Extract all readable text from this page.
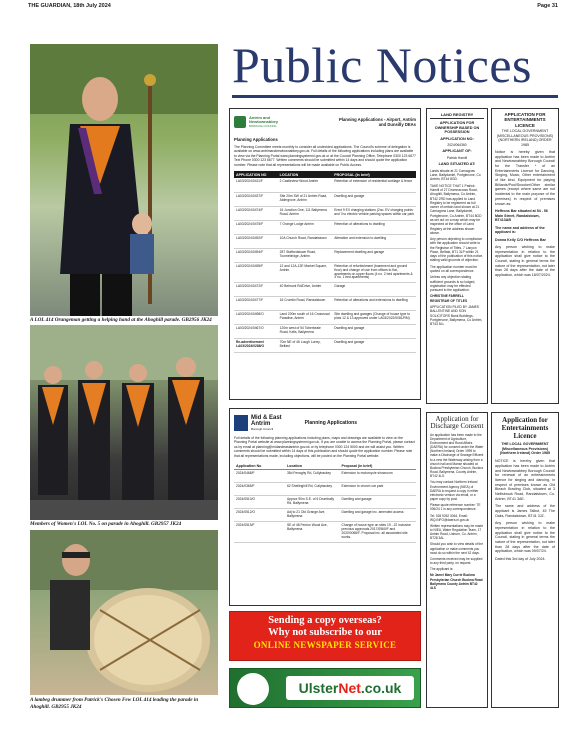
THE GUARDIAN, 18th July 2024	Page 31
A LOL 414 Orangeman getting a helping hand at the Ahoghill parade. GB2956 JK24
Members of Women's LOL No. 5 on parade in Ahoghill. GB2957 JK24
A lambeg drummer from Patrick's Chosen Few LOL 414 leading the parade in Ahoghill. GB2955 JK24
Public Notices
Antrim and
Newtownabbey
BOROUGH COUNCIL
Planning Applications - Airport, Antrim and Dunsilly DEAs
Planning Applications
The Planning Committee meets monthly to consider all undecided applications. The Council's scheme of delegation is available on www.antrimandnewtownabbey.gov.uk. Full details of the following applications including plans are available to view via the Planning Portal www.planningsystemni.gov.uk or at the Council Planning Office, Telephone 0300 123 6677 Text Phone 0300 123 6677. Written comments should be submitted within 14 days and should quote the application number. Please note that all representations will be made available on Public Access.
APPLICATION NO	LOCATION	PROPOSAL (In brief)
LA03/2024/0411/F	2 Castleview Wood Antrim	Retention of extension of residential curtilage & fence
LA03/2024/0437/F	Site 20m SW of 21 Antrim Road, Aldergrove, Antrim	Dwelling and garage
LA03/2024/0474/F	16 Junction One, 111 Ballymena Road, Antrim	Erect 9 EV charging stations (2no. EV charging points and 7no electric vehicle parking spaces within car park
LA03/2024/0475/F	7 Orange Lodge Antrim	Retention of alterations to dwelling
LA03/2024/0492/F	10A Church Road, Randalstown	Alteration and extension to dwelling
LA03/2024/0494/F	287 Staffordstown Road, Toomebridge, Antrim	Replacement dwelling and garage
LA03/2024/0495/F	12 and 12A-12E Market Square, Antrim	Retention of refurbishment (basement and ground floor) and change of use from offices to flat, apartments on upper floors (4 no. 2 bed apartments & 3 no. 1 bed apartments)
LA03/2024/0472/F	40 Belmont Rd/Drive, Antrim	Garage
LA03/2024/0477/F	16 Crumlin Road, Randalstown	Retention of alterations and extensions to dwelling
LA03/2024/0498/O	Land 200m south of 16 Crossroad Paradise, Antrim	Site dwelling and garages (Change of house type to plots 12 & 13 approved under LA03/2022/0081/RM)
LA03/2024/0467/O	120m west of 54 Toberkeale Road, Kells, Ballymena	Dwelling and garage
Re-advertisement LA03/2024/0286/O	70m NE of 46 Lough Loney, Belfast	Dwelling and garage
Mid & East
Antrim
Borough Council
Planning Applications
Full details of the following planning applications including plans, maps and drawings are available to view on the Planning Portal website at www.planningsystemni.gov.uk. If you are unable to access the Planning Portal, please contact us by email at planning@midandeastantrim.gov.uk or by telephone 0300 124 5000 and we will assist you. Written comments should be submitted within 14 days of this publication and should quote the application number. Please note that all representations made, including objections, will be posted on the Planning Portal website.
Application No	Location	Proposal (in brief)
2024/0468/F	35d Fenaghy Rd, Cullybackey	Extension to motorcycle showroom
2024/0365/F	62 Shellinghill Rd, Cullybackey	Extension to church car park
2024/0510/O	Approx 90m S.E. of 6 Drumbally Rd, Ballymena	Dwelling and garage
2024/0512/O	Adj to 21 Old Grange Ave, Ballymena	Dwelling and garage inc. amended access
2024/0515/F	SE of 48 Fenton Wood Ave, Ballymena	Change of house type on sites 19 - 22 inclusive previous approvals 2017/0560/F and 2020/0066/F. Proposal inc. all associated site works.
LAND REGISTRY
APPLICATION FOR OWNERSHIP BASED ON POSSESSION
APPLICATION NO:
2024/064360
APPLICANT OF:
Patrick Hamill
LAND SITUATED AT:
Lands situate at 21 Carnagrow Lane, Ballydaniel, Portglenone, Co Antrim, BT44 8GD.
TAKE NOTICE THAT 1 Patrick Hamill of 27 Drumnacross Road, Ahoghill, Ballymena, Co Antrim, BT42 2RD has applied to Land Registry to be registered as full owner of certain land shown at 21 Carnagrow Lane, Ballydaniel, Portglenone, Co Antrim, BT44 8GD as set out on a map which may be inspected at the office of Land Registry at the address shown above.
Any person objecting to compliance with the application should write to the Registrar of Titles, 7 Lanyon Place, Belfast, BT1 3LP within 21 days of the publication of this notice, stating valid grounds of objection.
The application number must be quoted on all correspondence.
Unless any objection stating sufficient grounds is so lodged, registration may be effected pursuant to the application.
CHRISTINE FARRELL REGISTRAR OF TITLES
APPLICATION FILED BY JAMES BALLENTINE AND SON SOLICITORS Bank Buildings, Portglenone, Ballymena, Co Antrim, BT43 5LL
APPLICATION FOR ENTERTAINMENTS LICENCE
THE LOCAL GOVERNMENT (MISCELLANEOUS PROVISIONS) (NORTHERN IRELAND) ORDER 1985
Notice is hereby given that application has been made to Antrim and Newtownabbey Borough Council for the Transfer * of an Entertainments Licence for Dancing, Singing, Music, Other entertainment of like kind, Equipment for playing Billiards/Pool/Snooker/Other similar games (except where same are not incidental to the main purpose of the premises) in respect of premises known as:
Heffrons Bar situated at 54 - 56 Main Street, Randalstown, BT413AB
The name and address of the applicant is:
Donna Kelly C/O Heffrons Bar
Any person wishing to make representation in relation to the application shall give notice to the Council, stating in general terms the nature of the representation, not later than 28 days after the date of the application, which was 18/07/2024.
Application for Discharge Consent
An application has been made to the Department of Agriculture, Environment and Rural Affairs (DAERA) for consent under the Water (Northern Ireland) Order 1999 to make a Discharge of Sewage Effluent to a new the Waterway arising from a church hall and Manse situated at Buckna Presbyterian Church, Buckna Road, Ballymena, County Antrim, BT42 4LS.
You may contact Northern Ireland Environment Agency (NIEA) of DAERA to request a copy in either electronic version via email, or a paper copy by post.
Please quote reference number: TE 006/24 1 in any correspondence.
Tel: 028 9262 3064, Email: WQ.INFO@daera-ni.gov.uk
Written representations may be made to NIEA, Water Regulation Team, 17 Antrim Road, Lisburn, Co. Antrim, BT28 3AL
Should you wish to view details of the application or make comments you must do so within the next 42 days.
Comments received may be supplied to any third party, on request.
The applicant is:
Mr Jamei Mary Currie Buckna Presbyterian Church Buckna Road Ballymena County Antrim BT42 4LS
Application for Entertainments Licence
THE LOCAL GOVERNMENT (Miscellaneous Provisions) (Northern Ireland) Order 1985
NOTICE is hereby given that application has been made to Antrim and Newtownabbey Borough Council for renewal of an entertainments licence for singing and dancing, in respect of premises known as Old Bleach Bowling Club, situated at 3 Neillsbrook Road, Randalstown, Co. Antrim, BT41 3AE.
The name and address of the applicant is James Talbot, 45 The Oaks, Randalstown, BT41 3JZ.
Any person wishing to make representation in relation to the application shall give notice to the Council, stating in general terms the nature of the representation, not later than 28 days after the date of application, which was 09/07/24.
Dated this 3rd day of July 2024.
Sending a copy overseas?
Why not subscribe to our
ONLINE NEWSPAPER SERVICE
UlsterNet.co.uk
